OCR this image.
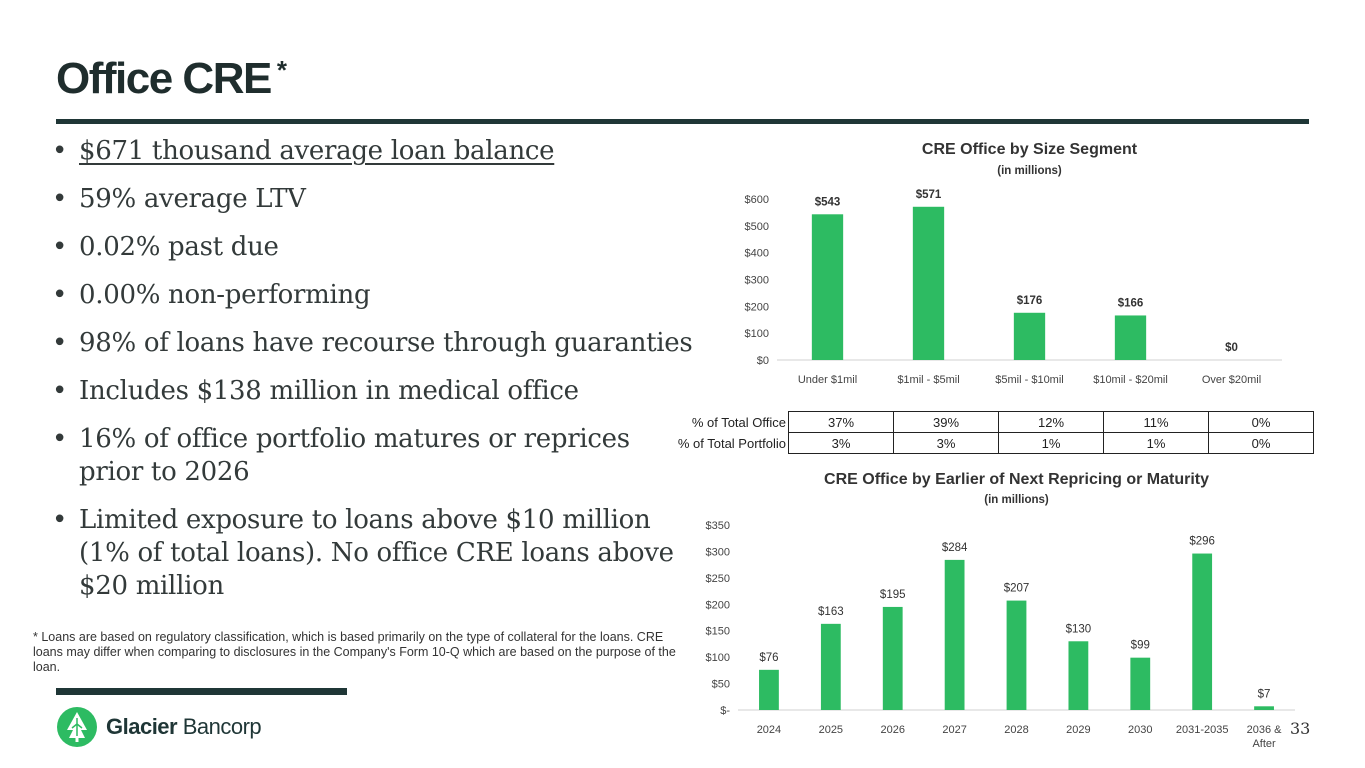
Office CRE *
• $671 thousand average loan balance
• 59% average LTV
• 0.02% past due
• 0.00% non-performing
• 98% of loans have recourse through guaranties
• Includes $138 million in medical office
• 16% of office portfolio matures or reprices prior to 2026
• Limited exposure to loans above $10 million (1% of total loans). No office CRE loans above $20 million
* Loans are based on regulatory classification, which is based primarily on the type of collateral for the loans. CRE loans may differ when comparing to disclosures in the Company's Form 10-Q which are based on the purpose of the loan.
Glacier Bancorp	33
CRE Office by Size Segment
(in millions)
$0
$100
$200
$300
$400
$500
$600	$543
Under $1mil
$571
$1mil - $5mil
$176
$5mil - $10mil
$166
$10mil - $20mil
$0
Over $20mil
% of Total Office	37%	39%	12%	11%	0%
% of Total Portfolio	3%	3%	1%	1%	0%
CRE Office by Earlier of Next Repricing or Maturity
(in millions)
$-
$50
$100
$150
$200
$250
$300
$350
$76
2024
$163
2025
$195
2026
$284
2027
$207
2028
$130
2029
$99
2030
$296
2031-2035
$7
2036 & After
